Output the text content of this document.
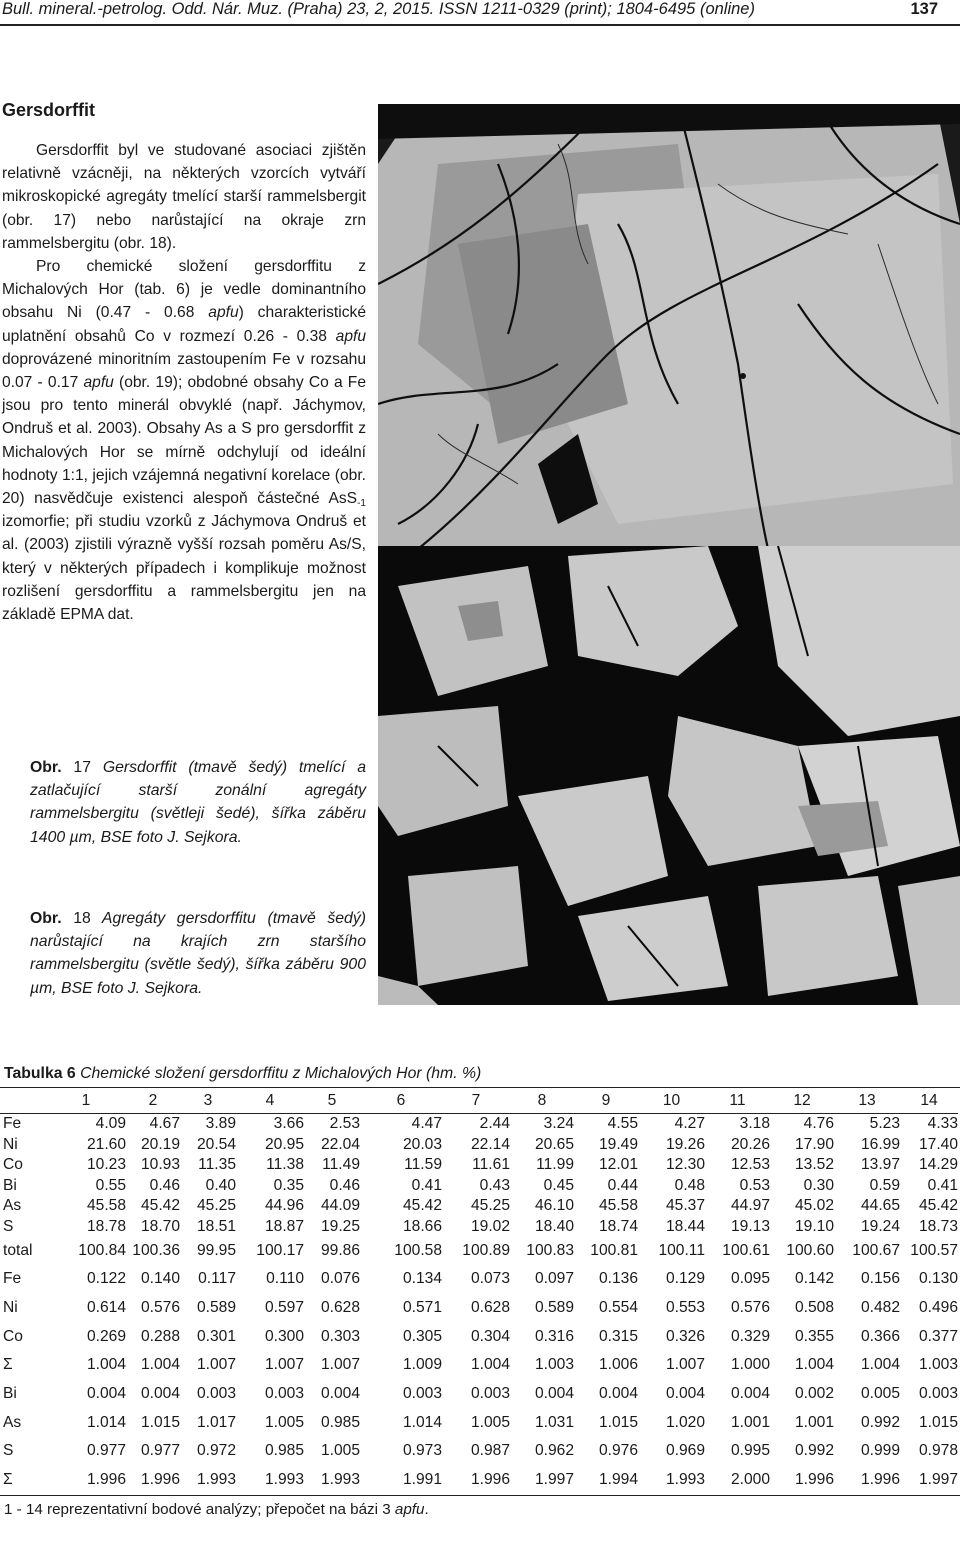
Bull. mineral.-petrolog. Odd. Nár. Muz. (Praha) 23, 2, 2015. ISSN 1211-0329 (print); 1804-6495 (online)	137
Gersdorffit

Gersdorffit byl ve studované asociaci zjištěn relativně vzácněji, na některých vzorcích vytváří mikroskopické agregáty tmelící starší rammelsbergit (obr. 17) nebo narůstající na okraje zrn rammelsbergitu (obr. 18).

Pro chemické složení gersdorffitu z Michalových Hor (tab. 6) je vedle dominantního obsahu Ni (0.47 - 0.68 apfu) charakteristické uplatnění obsahů Co v rozmezí 0.26 - 0.38 apfu doprovázené minoritním zastoupením Fe v rozsahu 0.07 - 0.17 apfu (obr. 19); obdobné obsahy Co a Fe jsou pro tento minerál obvyklé (např. Jáchymov, Ondruš et al. 2003). Obsahy As a S pro gersdorffit z Michalových Hor se mírně odchylují od ideální hodnoty 1:1, jejich vzájemná negativní korelace (obr. 20) nasvědčuje existenci alespoň částečné AsS$_{-1}$ izomorfie; při studiu vzorků z Jáchymova Ondruš et al. (2003) zjistili výrazně vyšší rozsah poměru As/S, který v některých případech i komplikuje možnost rozlišení gersdorffitu a rammelsbergitu jen na základě EPMA dat.

Obr. 17 Gersdorffit (tmavě šedý) tmelící a zatlačující starší zonální agregáty rammelsbergitu (světleji šedé), šířka záběru 1400 µm, BSE foto J. Sejkora.
Obr. 18 Agregáty gersdorffitu (tmavě šedý) narůstající na krajích zrn staršího rammelsbergitu (světle šedý), šířka záběru 900 µm, BSE foto J. Sejkora.
Tabulka 6 Chemické složení gersdorffitu z Michalových Hor (hm. %)
	1	2	3	4	5	6	7	8	9	10	11	12	13	14
Fe	4.09	4.67	3.89	3.66	2.53	4.47	2.44	3.24	4.55	4.27	3.18	4.76	5.23	4.33
Ni	21.60	20.19	20.54	20.95	22.04	20.03	22.14	20.65	19.49	19.26	20.26	17.90	16.99	17.40
Co	10.23	10.93	11.35	11.38	11.49	11.59	11.61	11.99	12.01	12.30	12.53	13.52	13.97	14.29
Bi	0.55	0.46	0.40	0.35	0.46	0.41	0.43	0.45	0.44	0.48	0.53	0.30	0.59	0.41
As	45.58	45.42	45.25	44.96	44.09	45.42	45.25	46.10	45.58	45.37	44.97	45.02	44.65	45.42
S	18.78	18.70	18.51	18.87	19.25	18.66	19.02	18.40	18.74	18.44	19.13	19.10	19.24	18.73
total	100.84	100.36	99.95	100.17	99.86	100.58	100.89	100.83	100.81	100.11	100.61	100.60	100.67	100.57
Fe	0.122	0.140	0.117	0.110	0.076	0.134	0.073	0.097	0.136	0.129	0.095	0.142	0.156	0.130
Ni	0.614	0.576	0.589	0.597	0.628	0.571	0.628	0.589	0.554	0.553	0.576	0.508	0.482	0.496
Co	0.269	0.288	0.301	0.300	0.303	0.305	0.304	0.316	0.315	0.326	0.329	0.355	0.366	0.377
Σ	1.004	1.004	1.007	1.007	1.007	1.009	1.004	1.003	1.006	1.007	1.000	1.004	1.004	1.003
Bi	0.004	0.004	0.003	0.003	0.004	0.003	0.003	0.004	0.004	0.004	0.004	0.002	0.005	0.003
As	1.014	1.015	1.017	1.005	0.985	1.014	1.005	1.031	1.015	1.020	1.001	1.001	0.992	1.015
S	0.977	0.977	0.972	0.985	1.005	0.973	0.987	0.962	0.976	0.969	0.995	0.992	0.999	0.978
Σ	1.996	1.996	1.993	1.993	1.993	1.991	1.996	1.997	1.994	1.993	2.000	1.996	1.996	1.997
1 - 14 reprezentativní bodové analýzy; přepočet na bázi 3 apfu.
